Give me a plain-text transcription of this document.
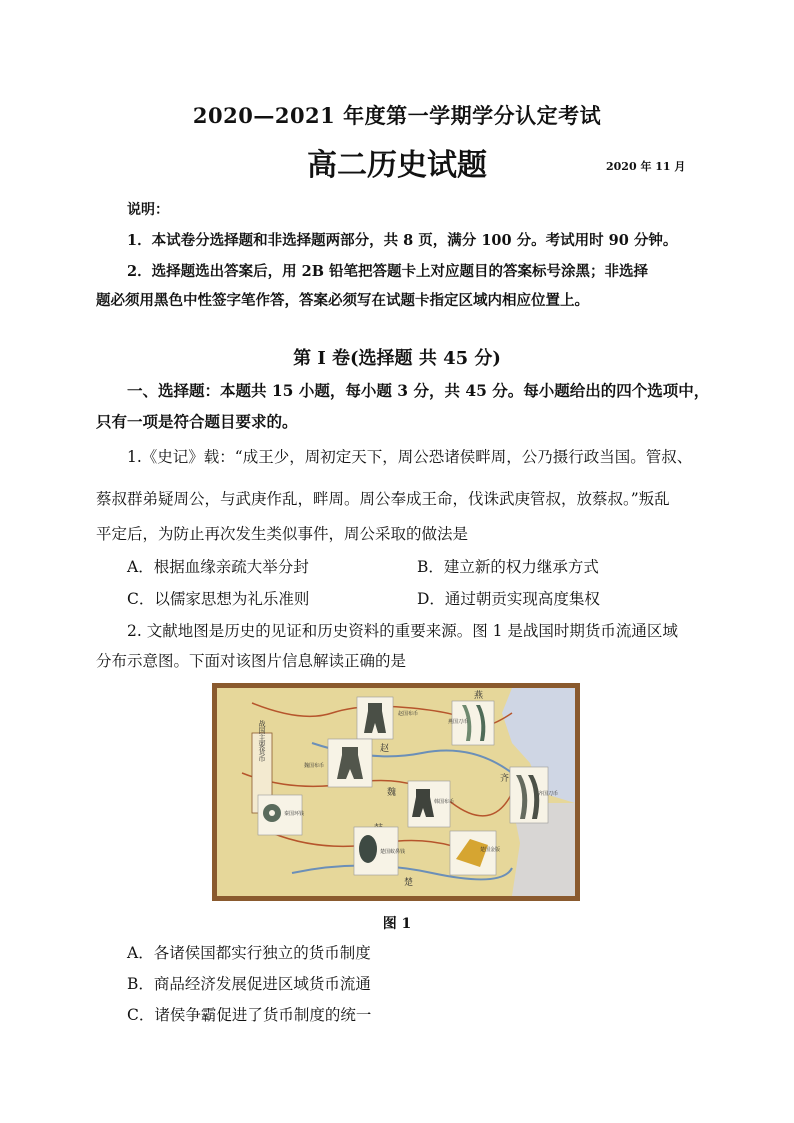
2020—2021 年度第一学期学分认定考试
高二历史试题	2020 年 11 月
说明：
1．本试卷分选择题和非选择题两部分，共 8 页，满分 100 分。考试用时 90 分钟。
2．选择题选出答案后，用 2B 铅笔把答题卡上对应题目的答案标号涂黑；非选择
题必须用黑色中性签字笔作答，答案必须写在试题卡指定区域内相应位置上。
第 I 卷(选择题 共 45 分)
一、选择题：本题共 15 小题，每小题 3 分，共 45 分。每小题给出的四个选项中，
只有一项是符合题目要求的。
1.《史记》载：“成王少，周初定天下，周公恐诸侯畔周，公乃摄行政当国。管叔、
蔡叔群弟疑周公，与武庚作乱，畔周。周公奉成王命，伐诛武庚管叔，放蔡叔。”叛乱
平定后，为防止再次发生类似事件，周公采取的做法是
A．根据血缘亲疏大举分封	B．建立新的权力继承方式
C．以儒家思想为礼乐准则	D．通过朝贡实现高度集权
2. 文献地图是历史的见证和历史资料的重要来源。图 1 是战国时期货币流通区域
分布示意图。下面对该图片信息解读正确的是
战国主要货币
燕
赵
魏
齐
楚
赵国布币
燕国刀币
魏国布币
秦国环钱
韩国布币
齐国刀币
楚国蚁鼻钱	楚国金版
图 1
A．各诸侯国都实行独立的货币制度
B．商品经济发展促进区域货币流通
C．诸侯争霸促进了货币制度的统一
